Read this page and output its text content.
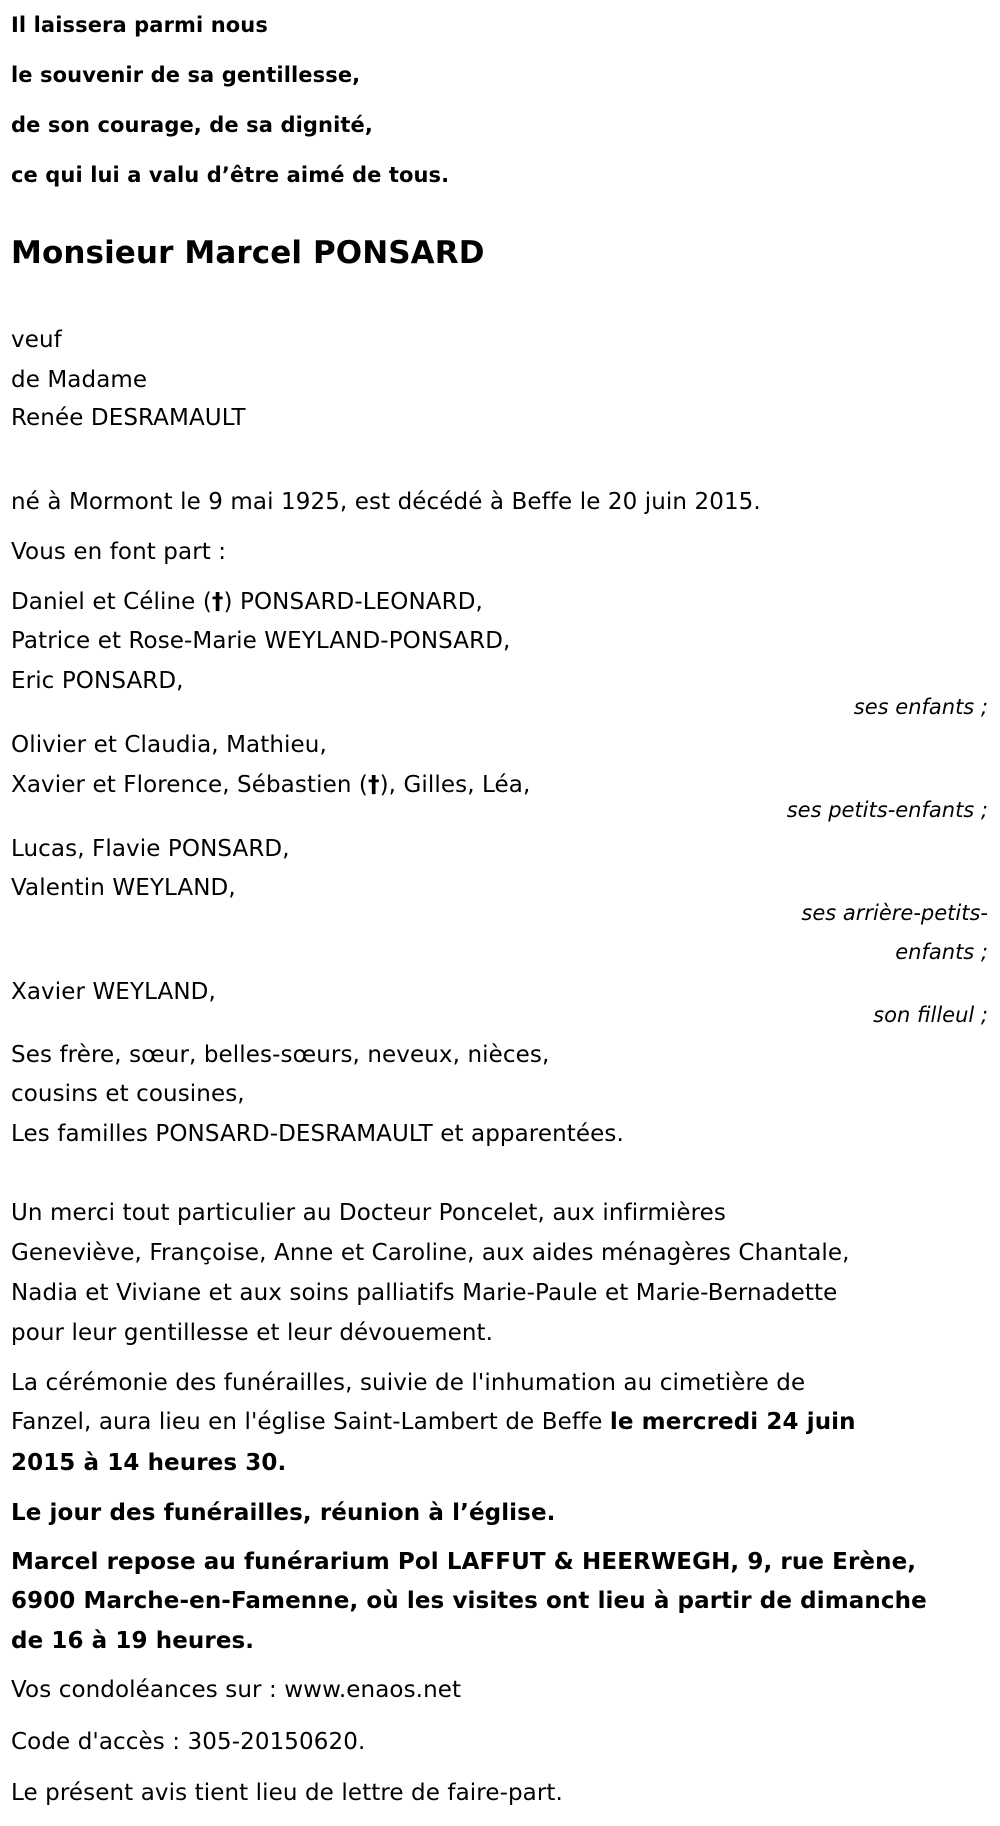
Il laissera parmi nous
le souvenir de sa gentillesse,
de son courage, de sa dignité,
ce qui lui a valu d’être aimé de tous.
Monsieur Marcel PONSARD
veuf
de Madame
Renée DESRAMAULT
né à Mormont le 9 mai 1925, est décédé à Beffe le 20 juin 2015.
Vous en font part :
Daniel et Céline (†) PONSARD-LEONARD,
Patrice et Rose-Marie WEYLAND-PONSARD,
Eric PONSARD,
ses enfants ;
Olivier et Claudia, Mathieu,
Xavier et Florence, Sébastien (†), Gilles, Léa,
ses petits-enfants ;
Lucas, Flavie PONSARD,
Valentin WEYLAND,
ses arrière-petits-
enfants ;
Xavier WEYLAND,
son filleul ;
Ses frère, sœur, belles-sœurs, neveux, nièces,
cousins et cousines,
Les familles PONSARD-DESRAMAULT et apparentées.
Un merci tout particulier au Docteur Poncelet, aux infirmières
Geneviève, Françoise, Anne et Caroline, aux aides ménagères Chantale,
Nadia et Viviane et aux soins palliatifs Marie-Paule et Marie-Bernadette
pour leur gentillesse et leur dévouement.
La cérémonie des funérailles, suivie de l'inhumation au cimetière de
Fanzel, aura lieu en l'église Saint-Lambert de Beffe le mercredi 24 juin
2015 à 14 heures 30.
Le jour des funérailles, réunion à l’église.
Marcel repose au funérarium Pol LAFFUT & HEERWEGH, 9, rue Erène,
6900 Marche-en-Famenne, où les visites ont lieu à partir de dimanche
de 16 à 19 heures.
Vos condoléances sur : www.enaos.net
Code d'accès : 305-20150620.
Le présent avis tient lieu de lettre de faire-part.
